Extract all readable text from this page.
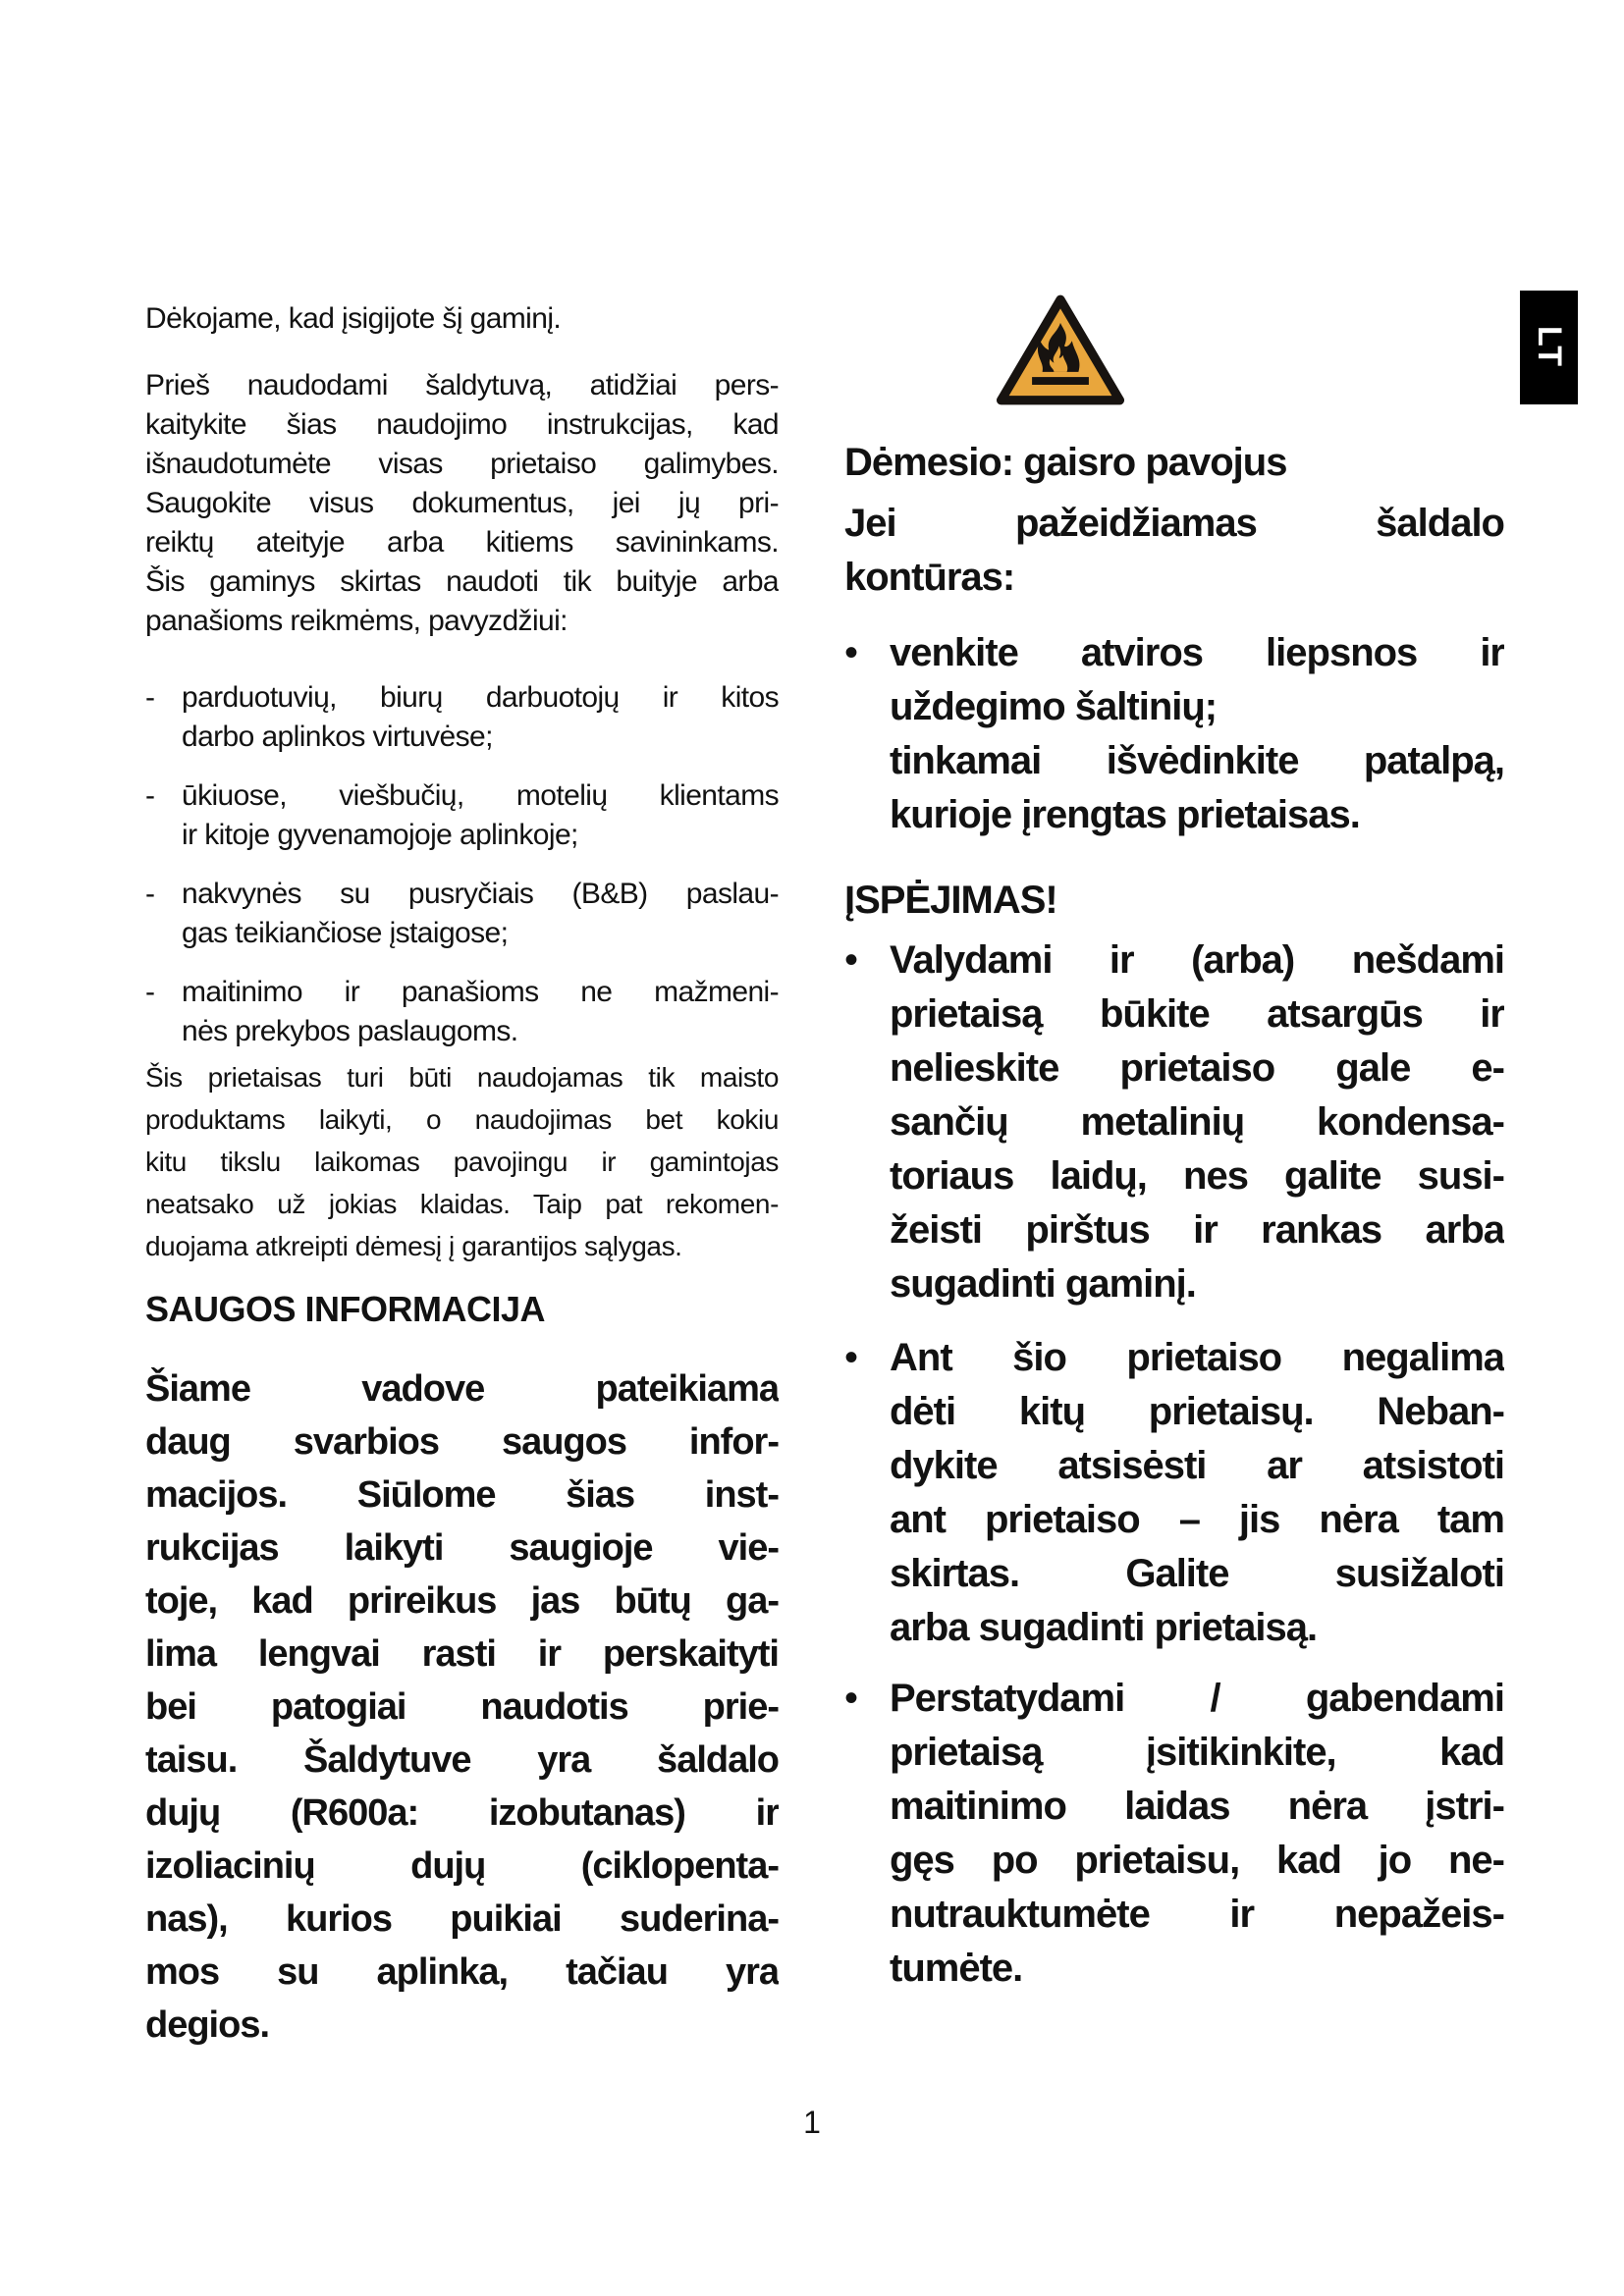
LT
Dėkojame, kad įsigijote šį gaminį.
Prieš naudodami šaldytuvą, atidžiai pers-
kaitykite šias naudojimo instrukcijas, kad
išnaudotumėte visas prietaiso galimybes.
Saugokite visus dokumentus, jei jų pri-
reiktų ateityje arba kitiems savininkams.
Šis gaminys skirtas naudoti tik buityje arba
panašioms reikmėms, pavyzdžiui:
- parduotuvių, biurų darbuotojų ir kitos
darbo aplinkos virtuvėse;
- ūkiuose, viešbučių, motelių klientams
ir kitoje gyvenamojoje aplinkoje;
- nakvynės su pusryčiais (B&B) paslau-
gas teikiančiose įstaigose;
- maitinimo ir panašioms ne mažmeni-
nės prekybos paslaugoms.
Šis prietaisas turi būti naudojamas tik maisto
produktams laikyti, o naudojimas bet kokiu
kitu tikslu laikomas pavojingu ir gamintojas
neatsako už jokias klaidas. Taip pat rekomen-
duojama atkreipti dėmesį į garantijos sąlygas.
SAUGOS INFORMACIJA
Šiame vadove pateikiama
daug svarbios saugos infor-
macijos. Siūlome šias inst-
rukcijas laikyti saugioje vie-
toje, kad prireikus jas būtų ga-
lima lengvai rasti ir perskaityti
bei patogiai naudotis prie-
taisu. Šaldytuve yra šaldalo
dujų (R600a: izobutanas) ir
izoliacinių dujų (ciklopenta-
nas), kurios puikiai suderina-
mos su aplinka, tačiau yra
degios.
Dėmesio: gaisro pavojus
Jei pažeidžiamas šaldalo
kontūras:
• venkite atviros liepsnos ir
uždegimo šaltinių;
tinkamai išvėdinkite patalpą,
kurioje įrengtas prietaisas.
ĮSPĖJIMAS!
• Valydami ir (arba) nešdami
prietaisą būkite atsargūs ir
nelieskite prietaiso gale e-
sančių metalinių kondensa-
toriaus laidų, nes galite susi-
žeisti pirštus ir rankas arba
sugadinti gaminį.
• Ant šio prietaiso negalima
dėti kitų prietaisų. Neban-
dykite atsisėsti ar atsistoti
ant prietaiso – jis nėra tam
skirtas. Galite susižaloti
arba sugadinti prietaisą.
• Perstatydami / gabendami
prietaisą įsitikinkite, kad
maitinimo laidas nėra įstri-
gęs po prietaisu, kad jo ne-
nutrauktumėte ir nepažeis-
tumėte.
1
